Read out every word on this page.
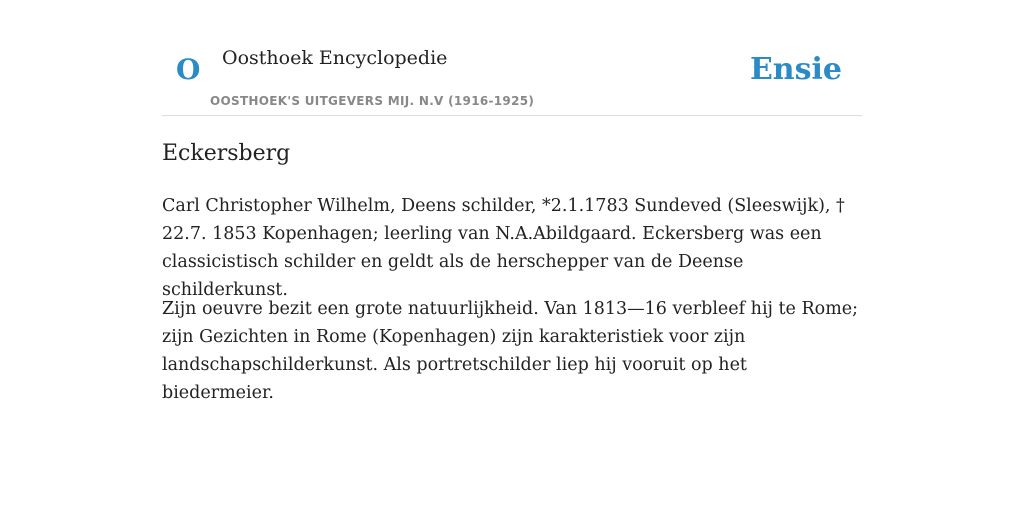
O Oosthoek Encyclopedie
OOSTHOEK'S UITGEVERS MIJ. N.V (1916-1925)
Ensie
Eckersberg

Carl Christopher Wilhelm, Deens schilder, *2.1.1783 Sundeved (Sleeswijk), † 22.7. 1853 Kopenhagen; leerling van N.A.Abildgaard. Eckersberg was een classicistisch schilder en geldt als de herschepper van de Deense schilderkunst.

Zijn oeuvre bezit een grote natuurlijkheid. Van 1813—16 verbleef hij te Rome; zijn Gezichten in Rome (Kopenhagen) zijn karakteristiek voor zijn landschapschilderkunst. Als portretschilder liep hij vooruit op het biedermeier.
